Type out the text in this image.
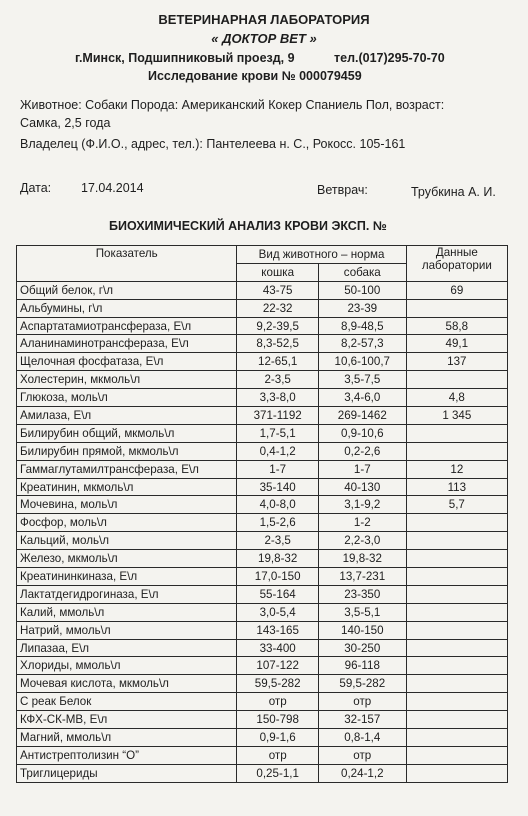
ВЕТЕРИНАРНАЯ ЛАБОРАТОРИЯ
« ДОКТОР ВЕТ »
г.Минск, Подшипниковый проезд, 9	тел.(017)295-70-70
Исследование крови № 000079459
Животное: Собаки Порода: Американский Кокер Спаниель Пол, возраст:
Самка, 2,5 года
Владелец (Ф.И.О., адрес, тел.): Пантелеева н. С., Рокосс. 105-161
Дата: 17.04.2014	Ветврач:	Трубкина А. И.
БИОХИМИЧЕСКИЙ АНАЛИЗ КРОВИ ЭКСП. №
Показатель	Вид животного – норма		Данные лаборатории
	кошка	собака	
Общий белок, г\л	43-75	50-100	69
Альбумины, г\л	22-32	23-39	
Аспартатамиотрансфераза, Е\л	9,2-39,5	8,9-48,5	58,8
Аланинаминотрансфераза, Е\л	8,3-52,5	8,2-57,3	49,1
Щелочная фосфатаза, Е\л	12-65,1	10,6-100,7	137
Холестерин, мкмоль\л	2-3,5	3,5-7,5	
Глюкоза, моль\л	3,3-8,0	3,4-6,0	4,8
Амилаза, Е\л	371-1192	269-1462	1 345
Билирубин общий, мкмоль\л	1,7-5,1	0,9-10,6	
Билирубин прямой, мкмоль\л	0,4-1,2	0,2-2,6	
Гаммаглутамилтрансфераза, Е\л	1-7	1-7	12
Креатинин, мкмоль\л	35-140	40-130	113
Мочевина, моль\л	4,0-8,0	3,1-9,2	5,7
Фосфор, моль\л	1,5-2,6	1-2	
Кальций, моль\л	2-3,5	2,2-3,0	
Железо, мкмоль\л	19,8-32	19,8-32	
Креатининкиназа, Е\л	17,0-150	13,7-231	
Лактатдегидрогиназа, Е\л	55-164	23-350	
Калий, ммоль\л	3,0-5,4	3,5-5,1	
Натрий, ммоль\л	143-165	140-150	
Липазаа, Е\л	33-400	30-250	
Хлориды, ммоль\л	107-122	96-118	
Мочевая кислота, мкмоль\л	59,5-282	59,5-282	
С реак Белок	отр	отр	
КФХ-СК-МВ, Е\л	150-798	32-157	
Магний, ммоль\л	0,9-1,6	0,8-1,4	
Антистрептолизин “О”	отр	отр	
Триглицериды	0,25-1,1	0,24-1,2	
